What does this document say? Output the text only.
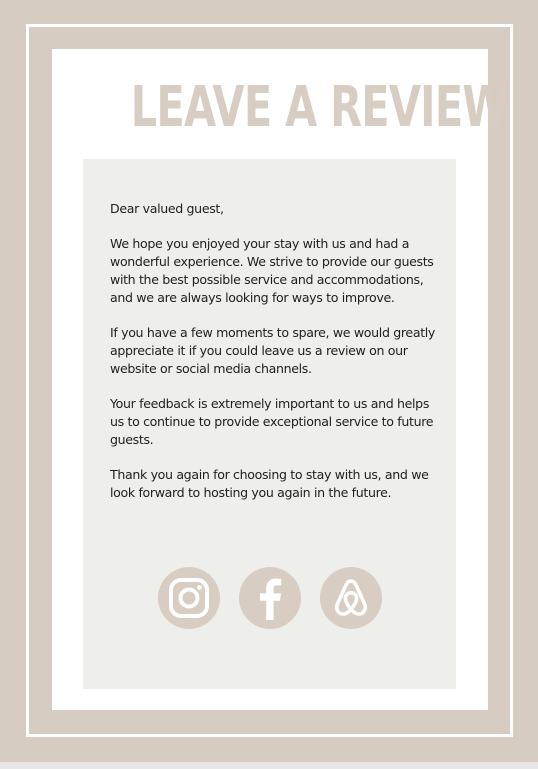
LEAVE A REVIEW

Dear valued guest,

We hope you enjoyed your stay with us and had a wonderful experience. We strive to provide our guests with the best possible service and accommodations, and we are always looking for ways to improve.

If you have a few moments to spare, we would greatly appreciate it if you could leave us a review on our website or social media channels.

Your feedback is extremely important to us and helps us to continue to provide exceptional service to future guests.

Thank you again for choosing to stay with us, and we look forward to hosting you again in the future.
